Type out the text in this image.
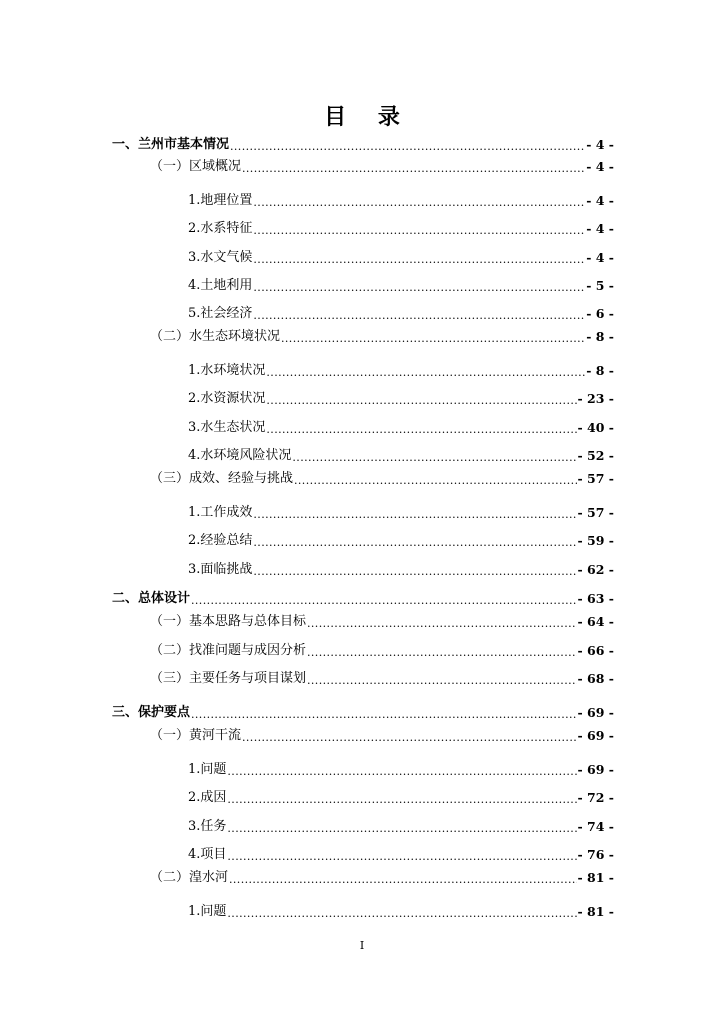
目 录
一、兰州市基本情况 .....	- 4 -
（一）区域概况 .....	- 4 -
1.地理位置 .....	- 4 -
2.水系特征 .....	- 4 -
3.水文气候 .....	- 4 -
4.土地利用 .....	- 5 -
5.社会经济 .....	- 6 -
（二）水生态环境状况 .....	- 8 -
1.水环境状况 .....	- 8 -
2.水资源状况 .....	- 23 -
3.水生态状况 .....	- 40 -
4.水环境风险状况 .....	- 52 -
（三）成效、经验与挑战 .....	- 57 -
1.工作成效 .....	- 57 -
2.经验总结 .....	- 59 -
3.面临挑战 .....	- 62 -
二、总体设计 .....	- 63 -
（一）基本思路与总体目标 .....	- 64 -
（二）找准问题与成因分析 .....	- 66 -
（三）主要任务与项目谋划 .....	- 68 -
三、保护要点 .....	- 69 -
（一）黄河干流 .....	- 69 -
1.问题 .....	- 69 -
2.成因 .....	- 72 -
3.任务 .....	- 74 -
4.项目 .....	- 76 -
（二）湟水河 .....	- 81 -
1.问题 .....	- 81 -
I
